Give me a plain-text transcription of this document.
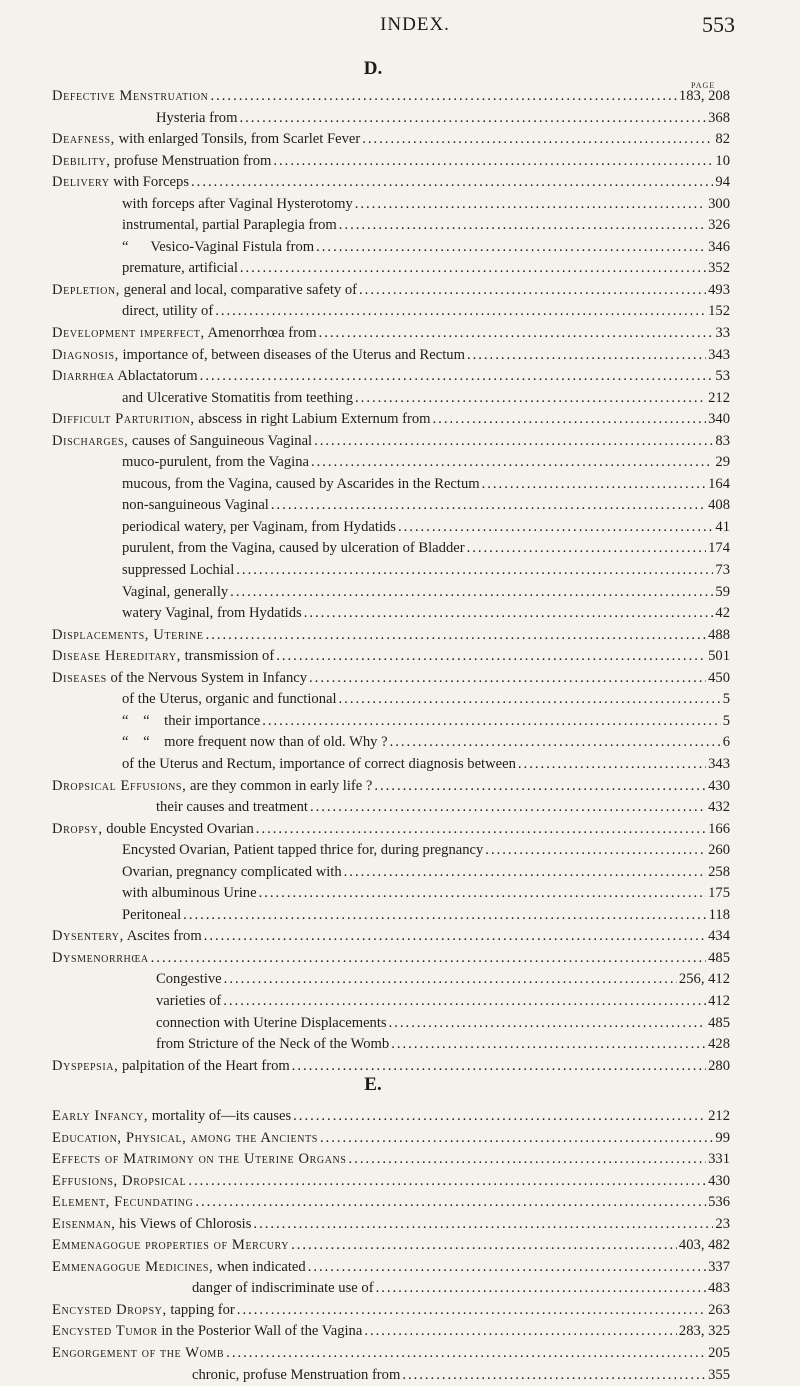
INDEX.	553
D.
PAGE
Defective Menstruation .....	183, 208
Hysteria from .....	368
Deafness, with enlarged Tonsils, from Scarlet Fever .....	82
Debility, profuse Menstruation from .....	10
Delivery with Forceps .....	94
with forceps after Vaginal Hysterotomy .....	300
instrumental, partial Paraplegia from .....	326
“  Vesico-Vaginal Fistula from .....	346
premature, artificial .....	352
Depletion, general and local, comparative safety of .....	493
direct, utility of .....	152
Development imperfect, Amenorrhœa from .....	33
Diagnosis, importance of, between diseases of the Uterus and Rectum .....	343
Diarrhœa Ablactatorum .....	53
and Ulcerative Stomatitis from teething .....	212
Difficult Parturition, abscess in right Labium Externum from .....	340
Discharges, causes of Sanguineous Vaginal .....	83
muco-purulent, from the Vagina .....	29
mucous, from the Vagina, caused by Ascarides in the Rectum .....	164
non-sanguineous Vaginal .....	408
periodical watery, per Vaginam, from Hydatids .....	41
purulent, from the Vagina, caused by ulceration of Bladder .....	174
suppressed Lochial .....	73
Vaginal, generally .....	59
watery Vaginal, from Hydatids .....	42
Displacements, Uterine .....	488
Disease Hereditary, transmission of .....	501
Diseases of the Nervous System in Infancy .....	450
of the Uterus, organic and functional .....	5
“ “ their importance .....	5
“ “ more frequent now than of old. Why ? .....	6
of the Uterus and Rectum, importance of correct diagnosis between .....	343
Dropsical Effusions, are they common in early life ? .....	430
their causes and treatment .....	432
Dropsy, double Encysted Ovarian .....	166
Encysted Ovarian, Patient tapped thrice for, during pregnancy .....	260
Ovarian, pregnancy complicated with .....	258
with albuminous Urine .....	175
Peritoneal .....	118
Dysentery, Ascites from .....	434
Dysmenorrhœa .....	485
Congestive .....	256, 412
varieties of .....	412
connection with Uterine Displacements .....	485
from Stricture of the Neck of the Womb .....	428
Dyspepsia, palpitation of the Heart from .....	280
E.
Early Infancy, mortality of—its causes .....	212
Education, Physical, among the Ancients .....	99
Effects of Matrimony on the Uterine Organs .....	331
Effusions, Dropsical .....	430
Element, Fecundating .....	536
Eisenman, his Views of Chlorosis .....	23
Emmenagogue properties of Mercury .....	403, 482
Emmenagogue Medicines, when indicated .....	337
danger of indiscriminate use of .....	483
Encysted Dropsy, tapping for .....	263
Encysted Tumor in the Posterior Wall of the Vagina .....	283, 325
Engorgement of the Womb .....	205
chronic, profuse Menstruation from .....	355
